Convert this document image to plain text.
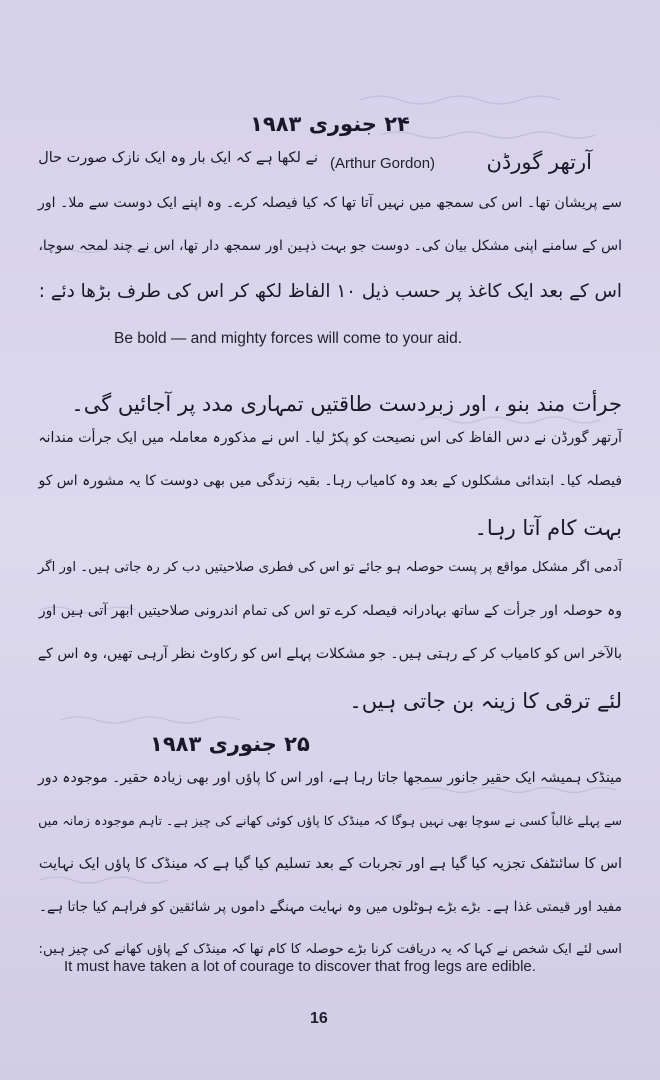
۲۴ جنوری ۱۹۸۳
آرتھر گورڈن
(Arthur Gordon)
نے لکھا ہے کہ ایک بار وہ ایک نازک صورت حال
سے پریشان تھا۔ اس کی سمجھ میں نہیں آتا تھا کہ کیا فیصلہ کرے۔ وہ اپنے ایک دوست سے ملا۔ اور
اس کے سامنے اپنی مشکل بیان کی۔ دوست جو بہت ذہین اور سمجھ دار تھا، اس نے چند لمحہ سوچا،
اس کے بعد ایک کاغذ پر حسب ذیل ۱۰ الفاظ لکھ کر اس کی طرف بڑھا دئے :
Be bold — and mighty forces will come to your aid.
جرأت مند بنو ، اور زبردست طاقتیں تمہاری مدد پر آجائیں گی۔
آرتھر گورڈن نے دس الفاظ کی اس نصیحت کو پکڑ لیا۔ اس نے مذکورہ معاملہ میں ایک جرأت مندانہ
فیصلہ کیا۔ ابتدائی مشکلوں کے بعد وہ کامیاب رہا۔ بقیہ زندگی میں بھی دوست کا یہ مشورہ اس کو
بہت کام آتا رہا۔
آدمی اگر مشکل مواقع پر پست حوصلہ ہو جائے تو اس کی فطری صلاحیتیں دب کر رہ جاتی ہیں۔ اور اگر
وہ حوصلہ اور جرأت کے ساتھ بہادرانہ فیصلہ کرے تو اس کی تمام اندرونی صلاحیتیں ابھر آتی ہیں اور
بالآخر اس کو کامیاب کر کے رہتی ہیں۔ جو مشکلات پہلے اس کو رکاوٹ نظر آرہی تھیں، وہ اس کے
لئے ترقی کا زینہ بن جاتی ہیں۔
۲۵ جنوری ۱۹۸۳
مینڈک ہمیشہ ایک حقیر جانور سمجھا جاتا رہا ہے، اور اس کا پاؤں اور بھی زیادہ حقیر۔ موجودہ دور
سے پہلے غالباً کسی نے سوچا بھی نہیں ہوگا کہ مینڈک کا پاؤں کوئی کھانے کی چیز ہے۔ تاہم موجودہ زمانہ میں
اس کا سائنٹفک تجزیہ کیا گیا ہے اور تجربات کے بعد تسلیم کیا گیا ہے کہ مینڈک کا پاؤں ایک نہایت
مفید اور قیمتی غذا ہے۔ بڑے بڑے ہوٹلوں میں وہ نہایت مہنگے داموں پر شائقین کو فراہم کیا جاتا ہے۔
اسی لئے ایک شخص نے کہا کہ یہ دریافت کرنا بڑے حوصلہ کا کام تھا کہ مینڈک کے پاؤں کھانے کی چیز ہیں:
It must have taken a lot of courage to discover that frog legs are edible.
16
